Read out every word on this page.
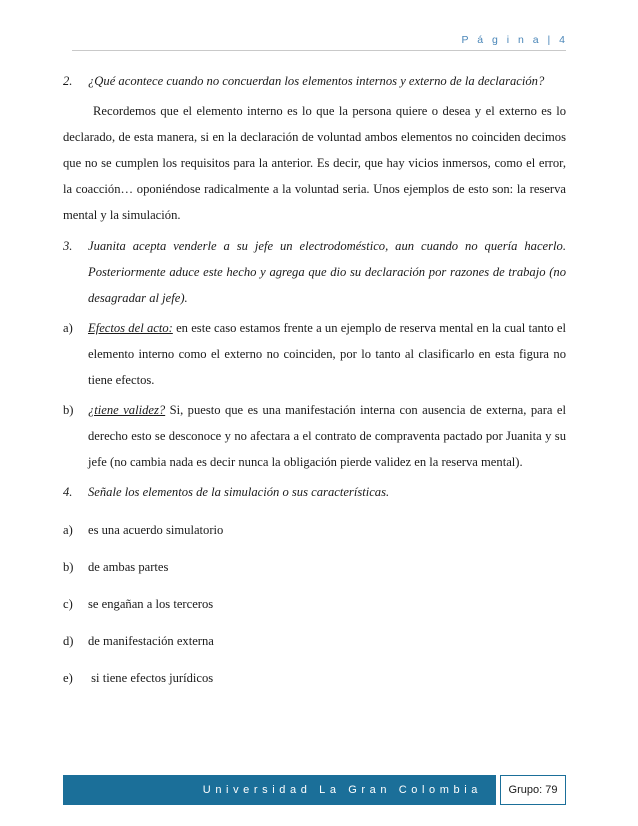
P á g i n a | 4
2.	¿Qué acontece cuando no concuerdan los elementos internos y externo de la declaración?

Recordemos que el elemento interno es lo que la persona quiere o desea y el externo es lo declarado, de esta manera, si en la declaración de voluntad ambos elementos no coinciden decimos que no se cumplen los requisitos para la anterior. Es decir, que hay vicios inmersos, como el error, la coacción… oponiéndose radicalmente a la voluntad seria. Unos ejemplos de esto son: la reserva mental y la simulación.

3.	Juanita acepta venderle a su jefe un electrodoméstico, aun cuando no quería hacerlo. Posteriormente aduce este hecho y agrega que dio su declaración por razones de trabajo (no desagradar al jefe).
a)	Efectos del acto: en este caso estamos frente a un ejemplo de reserva mental en la cual tanto el elemento interno como el externo no coinciden, por lo tanto al clasificarlo en esta figura no tiene efectos.
b)	¿tiene validez? Si, puesto que es una manifestación interna con ausencia de externa, para el derecho esto se desconoce y no afectara a el contrato de compraventa pactado por Juanita y su jefe (no cambia nada es decir nunca la obligación pierde validez en la reserva mental).
4.	Señale los elementos de la simulación o sus características.
a)	es una acuerdo simulatorio
b)	de ambas partes
c)	se engañan a los terceros
d)	de manifestación externa
e)	si tiene efectos jurídicos
Universidad La Gran Colombia	Grupo: 79
